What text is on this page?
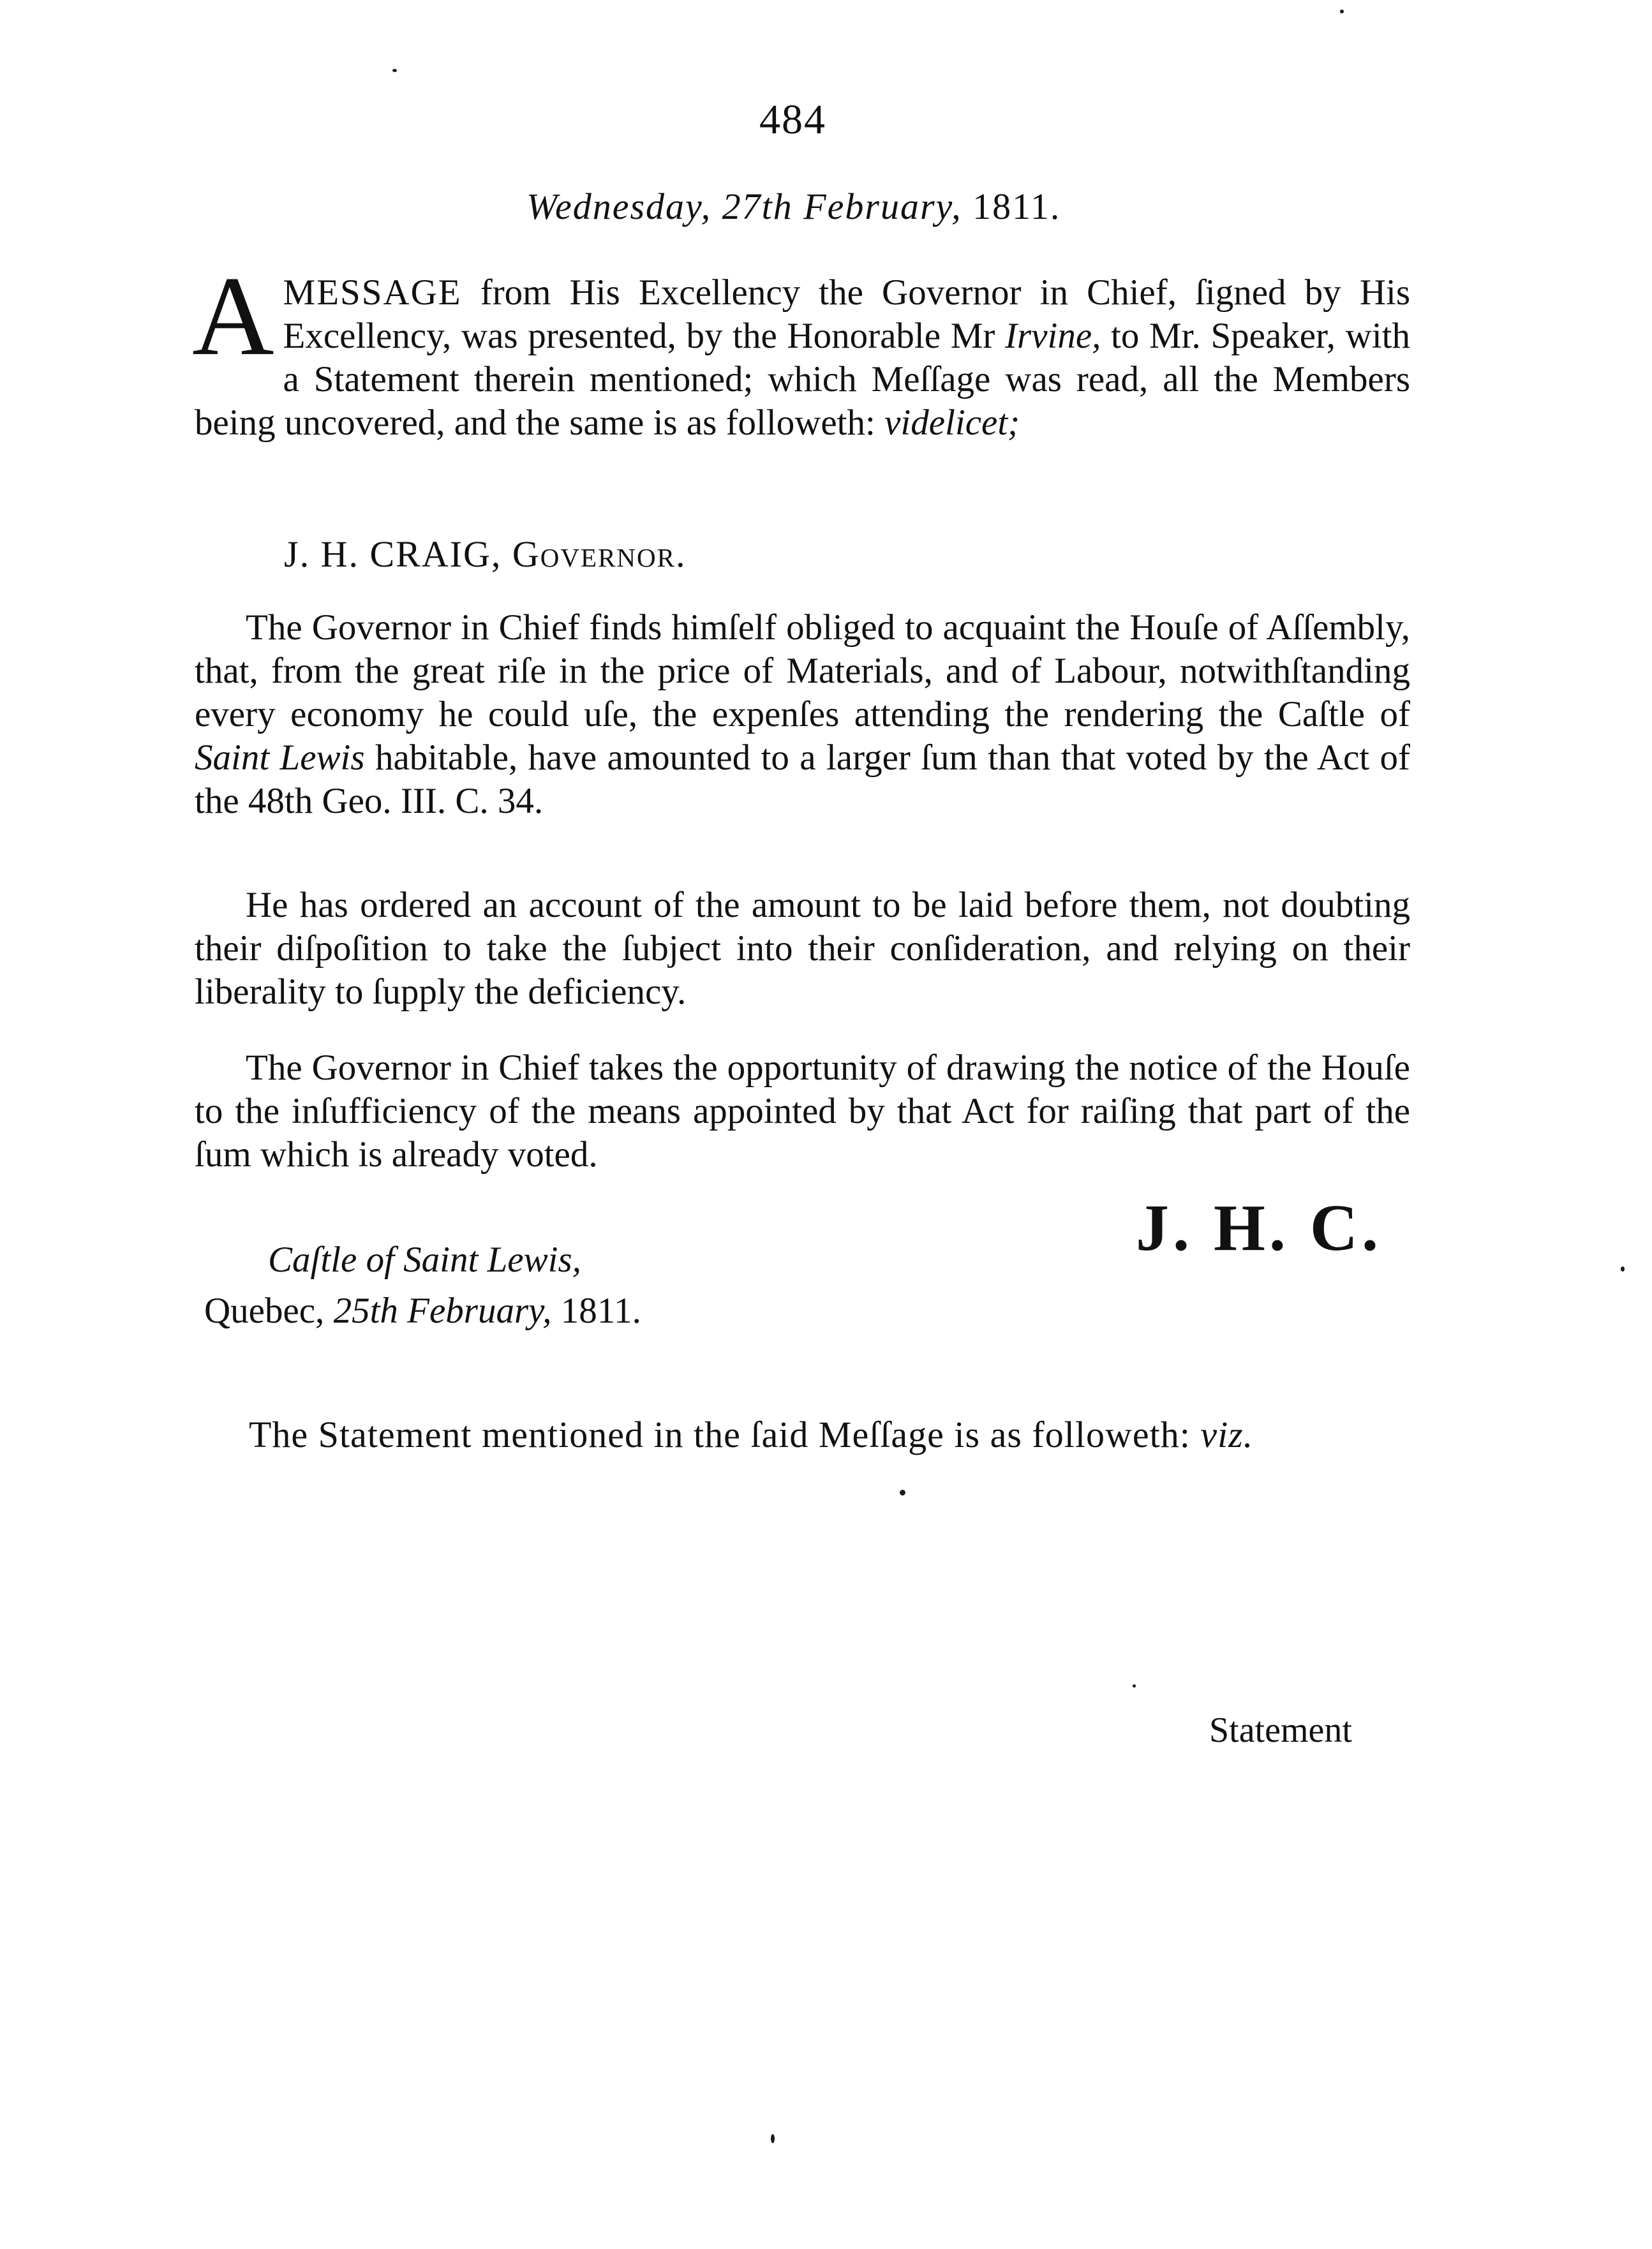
484
Wednesday, 27th February, 1811.
AMESSAGE from His Excellency the Governor in Chief, ſigned by His Excellency, was presented, by the Honorable Mr Irvine, to Mr. Speaker, with a Statement therein mentioned; which Meſſage was read, all the Members being uncovered, and the same is as followeth: videlicet;
J. H. CRAIG, Governor.
The Governor in Chief finds himſelf obliged to acquaint the Houſe of Aſſembly, that, from the great riſe in the price of Materials, and of Labour, notwithſtanding every economy he could uſe, the expenſes attending the rendering the Caſtle of Saint Lewis habitable, have amounted to a larger ſum than that voted by the Act of the 48th Geo. III. C. 34.
He has ordered an account of the amount to be laid before them, not doubting their diſpoſition to take the ſubject into their conſideration, and relying on their liberality to ſupply the deficiency.
The Governor in Chief takes the opportunity of drawing the notice of the Houſe to the inſufficiency of the means appointed by that Act for raiſing that part of the ſum which is already voted.
J. H. C.
Caſtle of Saint Lewis,
Quebec, 25th February, 1811.
The Statement mentioned in the ſaid Meſſage is as followeth: viz.
Statement
